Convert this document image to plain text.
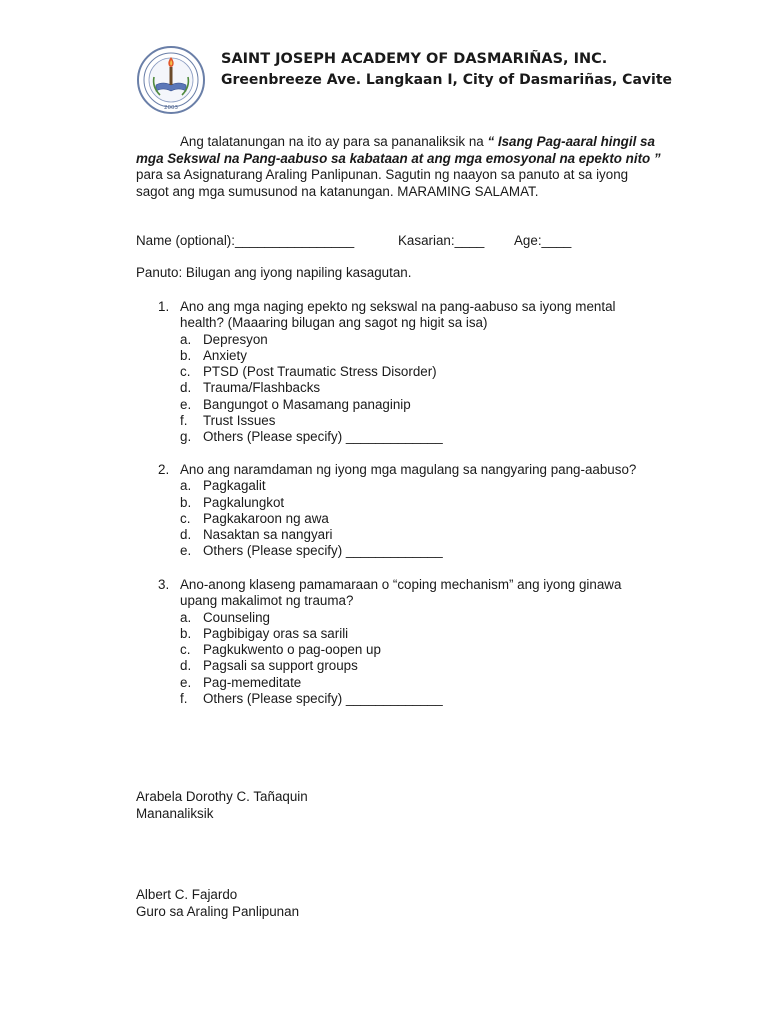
2003
SAINT JOSEPH ACADEMY OF DASMARIÑAS, INC.
Greenbreeze Ave. Langkaan I, City of Dasmariñas, Cavite
Ang talatanungan na ito ay para sa pananaliksik na “ Isang Pag-aaral hingil sa
mga Sekswal na Pang-aabuso sa kabataan at ang mga emosyonal na epekto nito ”
para sa Asignaturang Araling Panlipunan. Sagutin ng naayon sa panuto at sa iyong
sagot ang mga sumusunod na katanungan. MARAMING SALAMAT.
Name (optional):________________	Kasarian:____ Age:____
Panuto: Bilugan ang iyong napiling kasagutan.
1. Ano ang mga naging epekto ng sekswal na pang-aabuso sa iyong mental
health? (Maaaring bilugan ang sagot ng higit sa isa)
a. Depresyon
b. Anxiety
c. PTSD (Post Traumatic Stress Disorder)
d. Trauma/Flashbacks
e. Bangungot o Masamang panaginip
f. Trust Issues
g. Others (Please specify) _____________
2. Ano ang naramdaman ng iyong mga magulang sa nangyaring pang-aabuso?
a. Pagkagalit
b. Pagkalungkot
c. Pagkakaroon ng awa
d. Nasaktan sa nangyari
e. Others (Please specify) _____________
3. Ano-anong klaseng pamamaraan o “coping mechanism” ang iyong ginawa
upang makalimot ng trauma?
a. Counseling
b. Pagbibigay oras sa sarili
c. Pagkukwento o pag-oopen up
d. Pagsali sa support groups
e. Pag-memeditate
f. Others (Please specify) _____________
Arabela Dorothy C. Tañaquin
Mananaliksik
Albert C. Fajardo
Guro sa Araling Panlipunan
